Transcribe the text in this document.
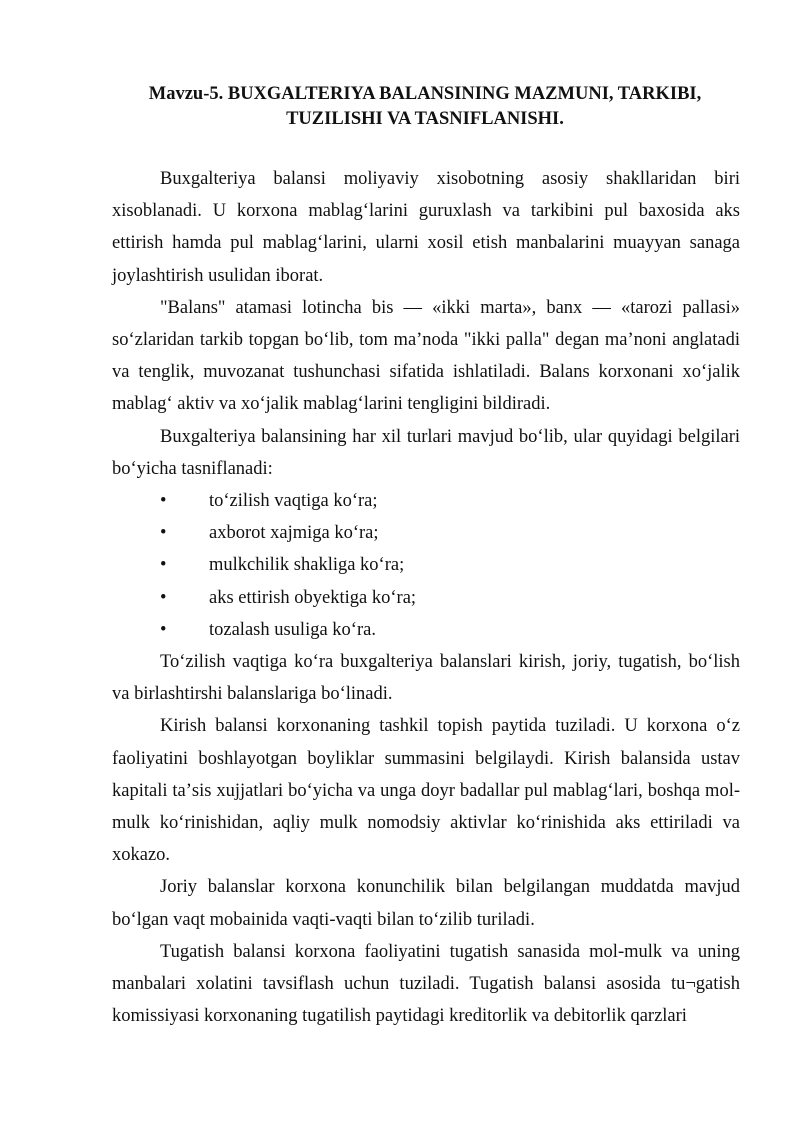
Mavzu-5. BUXGALTERIYA BALANSINING MAZMUNI, TARKIBI,
TUZILISHI VA TASNIFLANISHI.

Buxgalteriya balansi moliyaviy xisobotning asosiy shakllaridan biri xisoblanadi. U korxona mablagʻlarini guruxlash va tarkibini pul baxosida aks ettirish hamda pul mablagʻlarini, ularni xosil etish manbalarini muayyan sanaga joylashtirish usulidan iborat.

"Balans" atamasi lotincha bis — «ikki marta», banx — «tarozi pallasi» soʻzlaridan tarkib topgan boʻlib, tom maʼnoda "ikki palla" degan maʼnoni anglatadi va tenglik, muvozanat tushunchasi sifatida ishlatiladi. Balans korxonani xoʻjalik mablagʻ aktiv va xoʻjalik mablagʻlarini tengligini bildiradi.

Buxgalteriya balansining har xil turlari mavjud boʻlib, ular quyidagi belgilari boʻyicha tasniflanadi:

• toʻzilish vaqtiga koʻra;
• axborot xajmiga koʻra;
• mulkchilik shakliga koʻra;
• aks ettirish obyektiga koʻra;
• tozalash usuliga koʻra.

Toʻzilish vaqtiga koʻra buxgalteriya balanslari kirish, joriy, tugatish, boʻlish va birlashtirshi balanslariga boʻlinadi.

Kirish balansi korxonaning tashkil topish paytida tuziladi. U korxona oʻz faoliyatini boshlayotgan boyliklar summasini belgilaydi. Kirish balansida ustav kapitali taʼsis xujjatlari boʻyicha va unga doyr badallar pul mablagʻlari, boshqa mol-mulk koʻrinishidan, aqliy mulk nomodsiy aktivlar koʻrinishida aks ettiriladi va xokazo.

Joriy balanslar korxona konunchilik bilan belgilangan muddatda mavjud boʻlgan vaqt mobainida vaqti-vaqti bilan toʻzilib turiladi.

Tugatish balansi korxona faoliyatini tugatish sanasida mol-mulk va uning manbalari xolatini tavsiflash uchun tuziladi. Tugatish balansi asosida tu¬gatish komissiyasi korxonaning tugatilish paytidagi kreditorlik va debitorlik qarzlari
